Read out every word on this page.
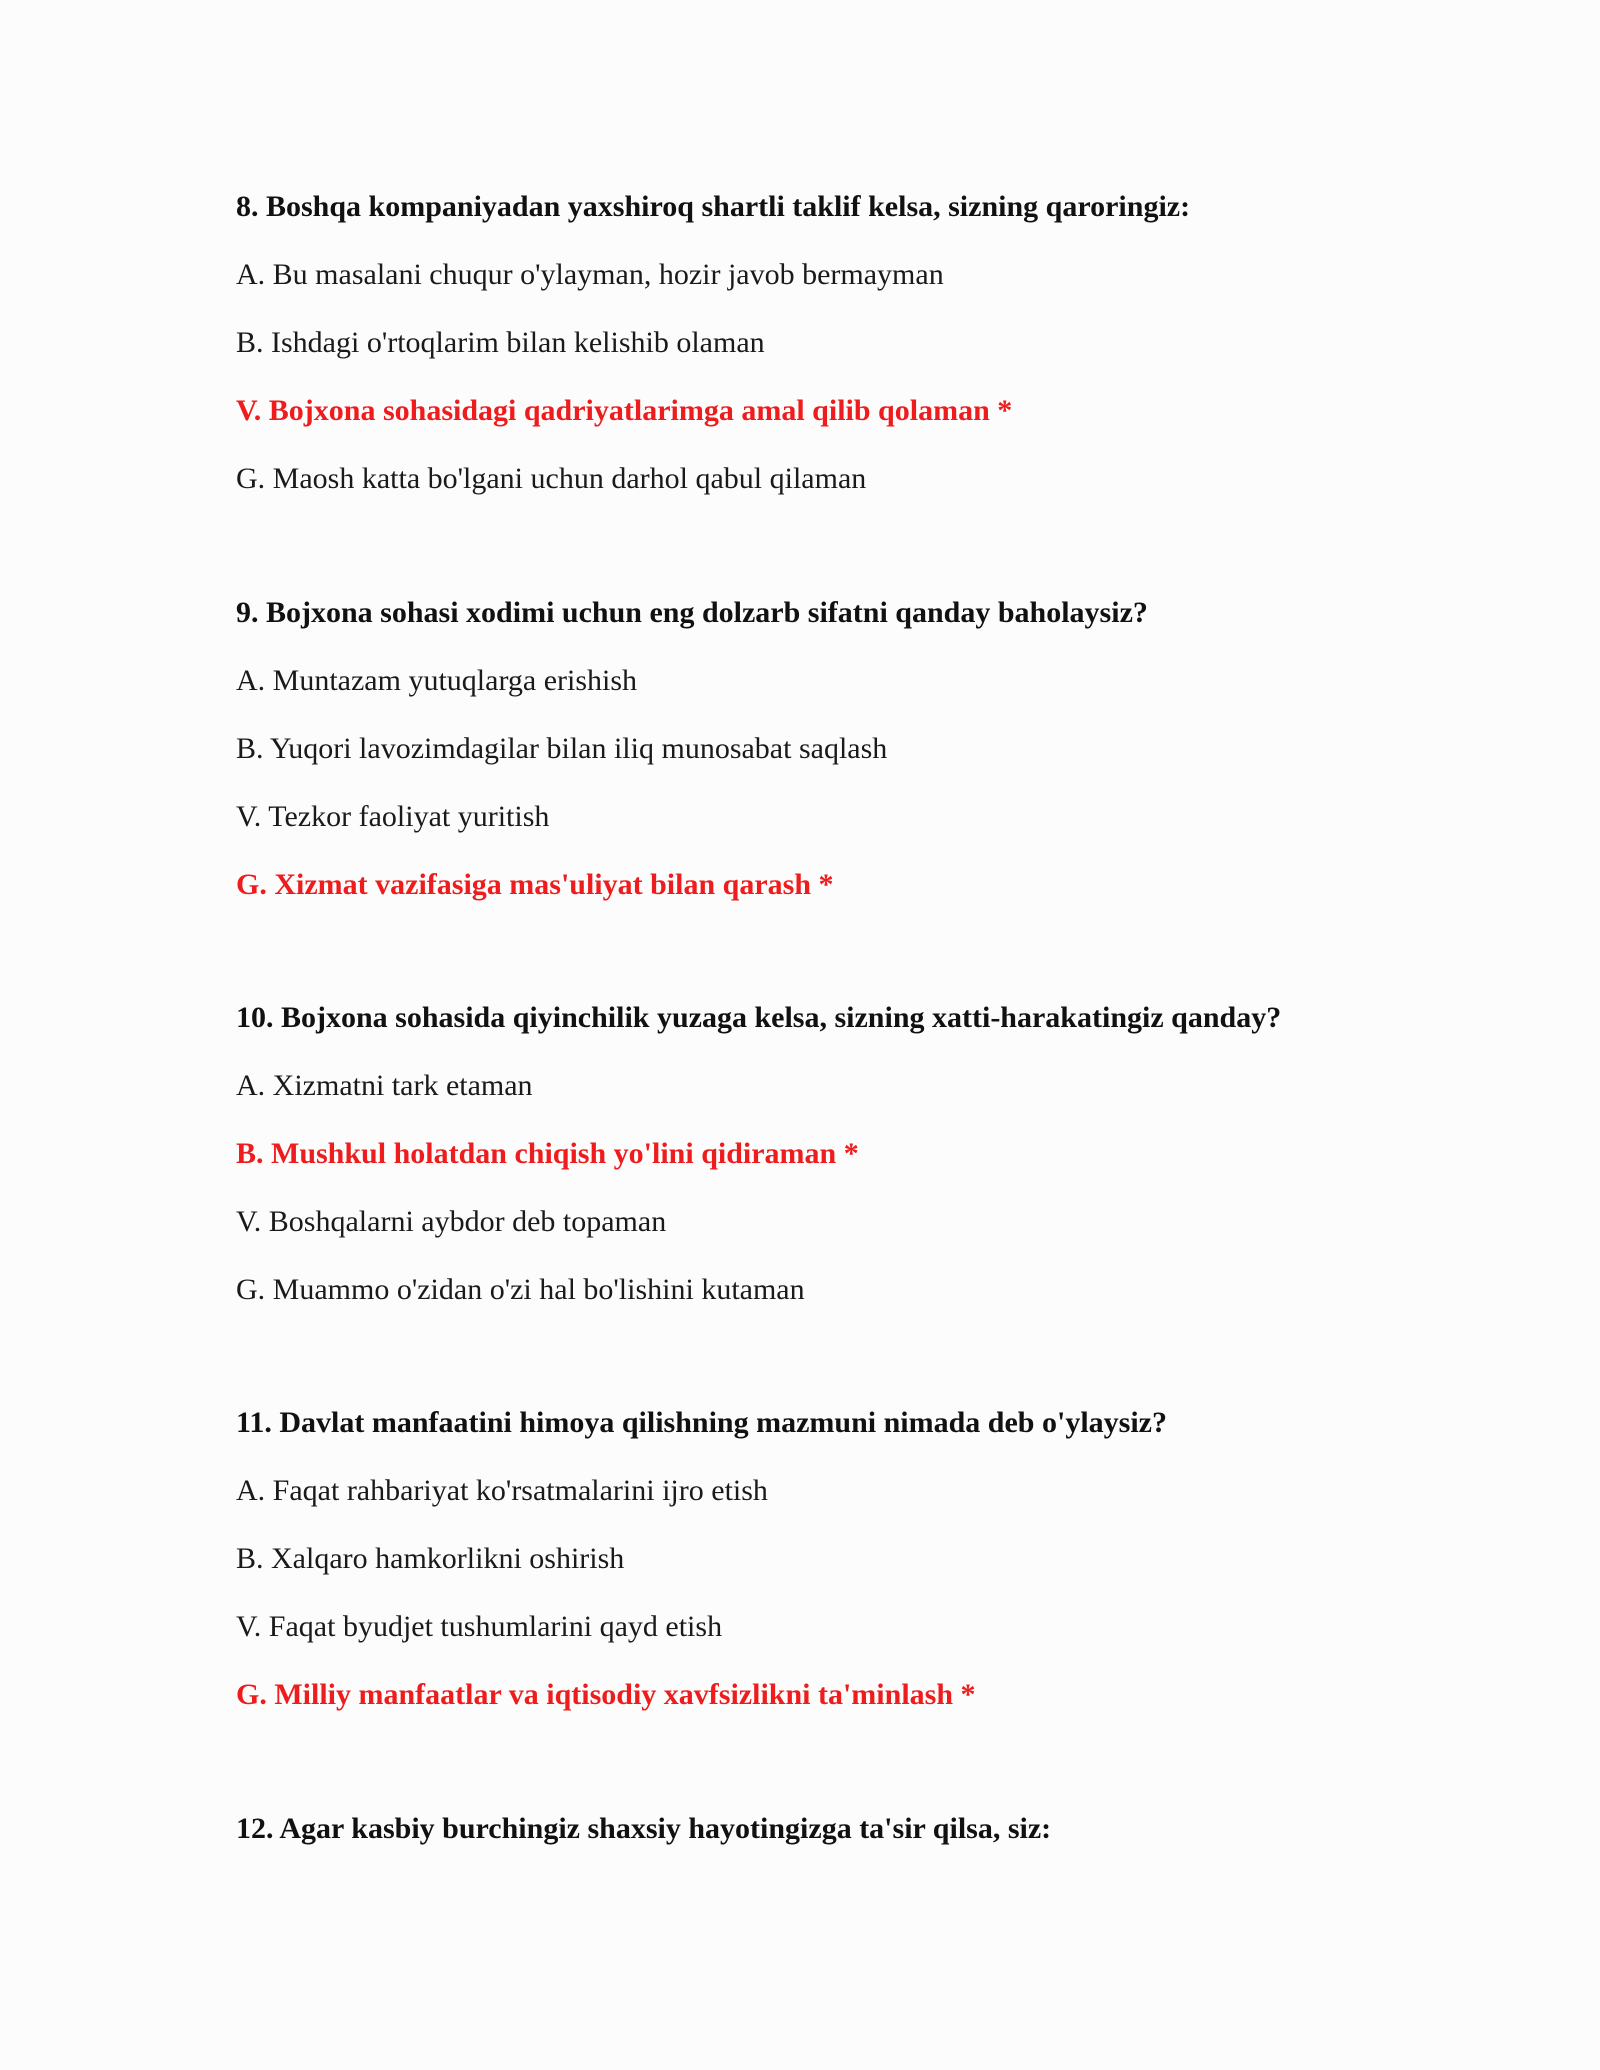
8. Boshqa kompaniyadan yaxshiroq shartli taklif kelsa, sizning qaroringiz:

A. Bu masalani chuqur o'ylayman, hozir javob bermayman
B. Ishdagi o'rtoqlarim bilan kelishib olaman
V. Bojxona sohasidagi qadriyatlarimga amal qilib qolaman *
G. Maosh katta bo'lgani uchun darhol qabul qilaman

9. Bojxona sohasi xodimi uchun eng dolzarb sifatni qanday baholaysiz?

A. Muntazam yutuqlarga erishish
B. Yuqori lavozimdagilar bilan iliq munosabat saqlash
V. Tezkor faoliyat yuritish
G. Xizmat vazifasiga mas'uliyat bilan qarash *

10. Bojxona sohasida qiyinchilik yuzaga kelsa, sizning xatti-harakatingiz qanday?

A. Xizmatni tark etaman
B. Mushkul holatdan chiqish yo'lini qidiraman *
V. Boshqalarni aybdor deb topaman
G. Muammo o'zidan o'zi hal bo'lishini kutaman

11. Davlat manfaatini himoya qilishning mazmuni nimada deb o'ylaysiz?

A. Faqat rahbariyat ko'rsatmalarini ijro etish
B. Xalqaro hamkorlikni oshirish
V. Faqat byudjet tushumlarini qayd etish
G. Milliy manfaatlar va iqtisodiy xavfsizlikni ta'minlash *

12. Agar kasbiy burchingiz shaxsiy hayotingizga ta'sir qilsa, siz:
